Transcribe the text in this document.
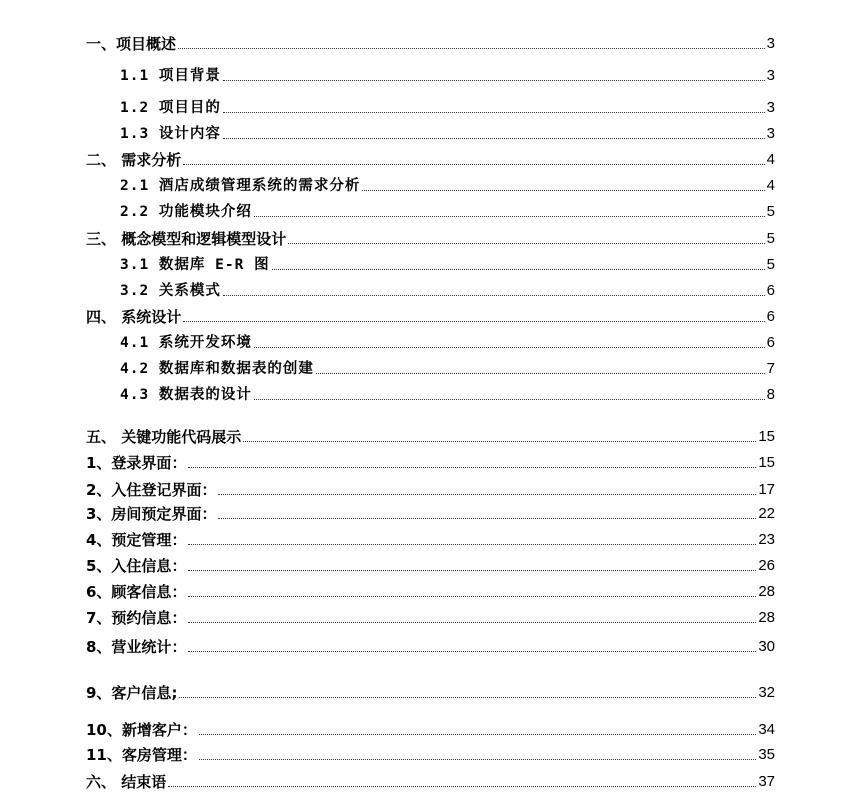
一、项目概述	3
1.1 项目背景	3
1.2 项目目的	3
1.3 设计内容	3
二、 需求分析	4
2.1 酒店成绩管理系统的需求分析	4
2.2 功能模块介绍	5
三、 概念模型和逻辑模型设计	5
3.1 数据库 E-R 图	5
3.2 关系模式	6
四、 系统设计	6
4.1 系统开发环境	6
4.2 数据库和数据表的创建	7
4.3 数据表的设计	8
五、 关键功能代码展示	15
1、登录界面：	15
2、入住登记界面：	17
3、房间预定界面：	22
4、预定管理：	23
5、入住信息：	26
6、顾客信息：	28
7、预约信息：	28
8、营业统计：	30
9、客户信息;	32
10、新增客户：	34
11、客房管理：	35
六、 结束语	37
